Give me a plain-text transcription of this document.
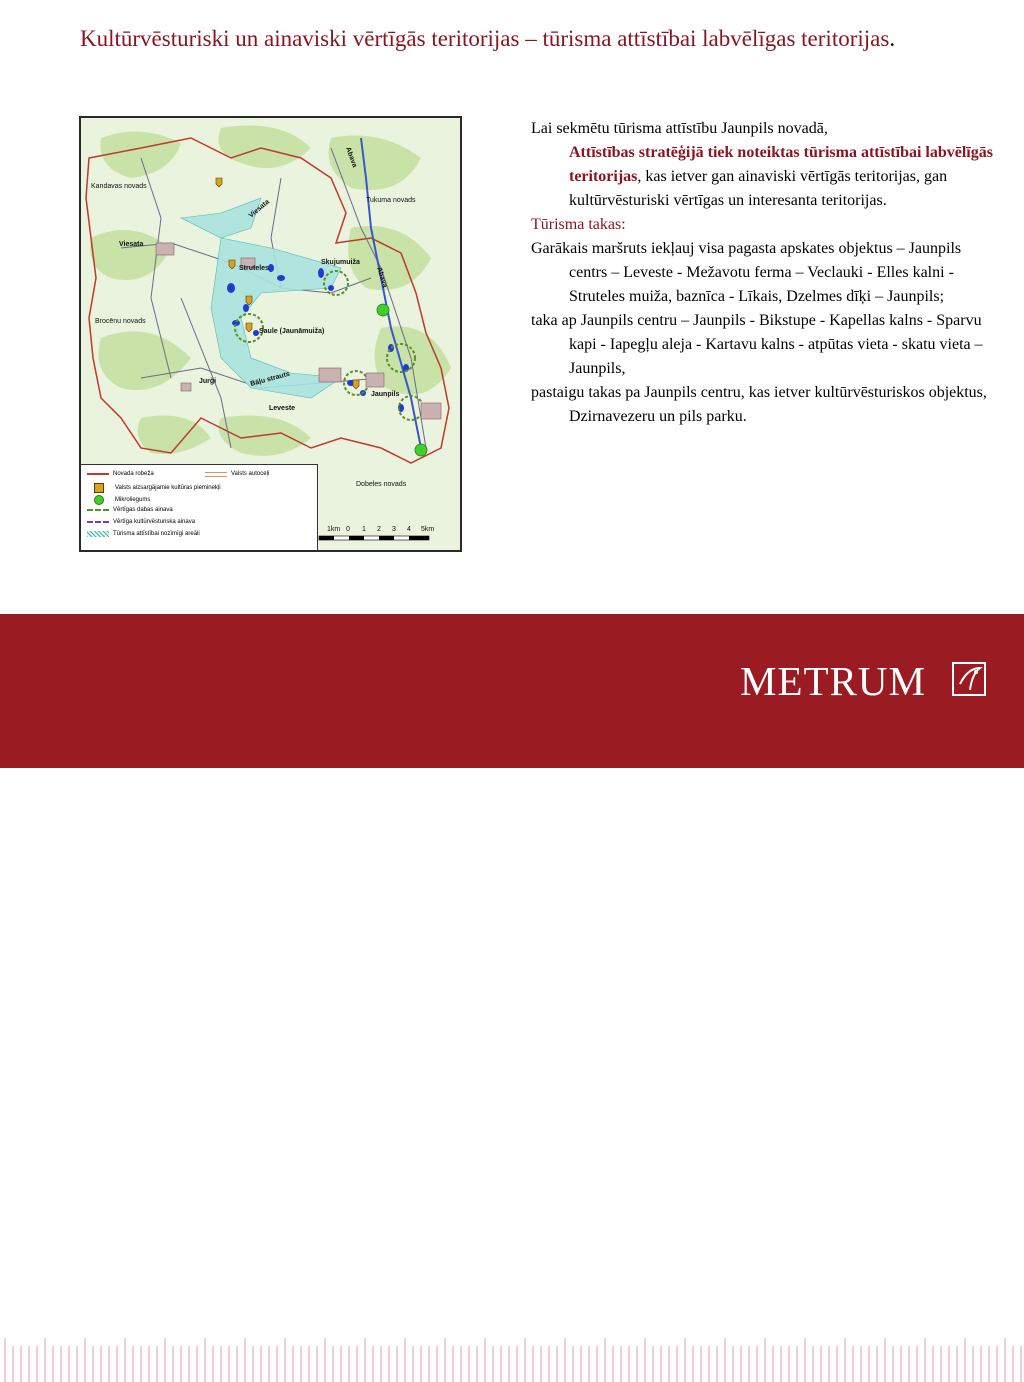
Kultūrvēsturiski un ainaviski vērtīgās teritorijas – tūrisma attīstībai labvēlīgas teritorijas.
Kandavas novads
Tukuma novads
Viesata
Brocēnu novads
Struteles
Skujumuiža
Saule (Jaunāmuiža)
Jurģi
Leveste
Jaunpils
Dobeles novads
Abava
Abava
Viesata
Bāļu strauts
1km 0 1 2 3 4 5km
Novada robeža	Valsts autoceļi
Valsts aizsargājamie kultūras pieminekļi
Mikroliegums
Vērtīgas dabas ainava
Vērtīga kultūrvēsturiska ainava
Tūrisma attīstībai nozīmīgi areāli

Lai sekmētu tūrisma attīstību Jaunpils novadā,
Attīstības stratēģijā tiek noteiktas tūrisma attīstībai labvēlīgās teritorijas, kas ietver gan ainaviski vērtīgās teritorijas, gan kultūrvēsturiski vērtīgas un interesanta teritorijas.

Tūrisma takas:

Garākais maršruts iekļauj visa pagasta apskates objektus – Jaunpils centrs – Leveste - Mežavotu ferma – Veclauki - Elles kalni - Struteles muiža, baznīca - Līkais, Dzelmes dīķi – Jaunpils;

taka ap Jaunpils centru – Jaunpils - Bikstupe - Kapellas kalns - Sparvu kapi - Iapegļu aleja - Kartavu kalns - atpūtas vieta - skatu vieta – Jaunpils,

pastaigu takas pa Jaunpils centru, kas ietver kultūrvēsturiskos objektus, Dzirnavezeru un pils parku.

METRUM
